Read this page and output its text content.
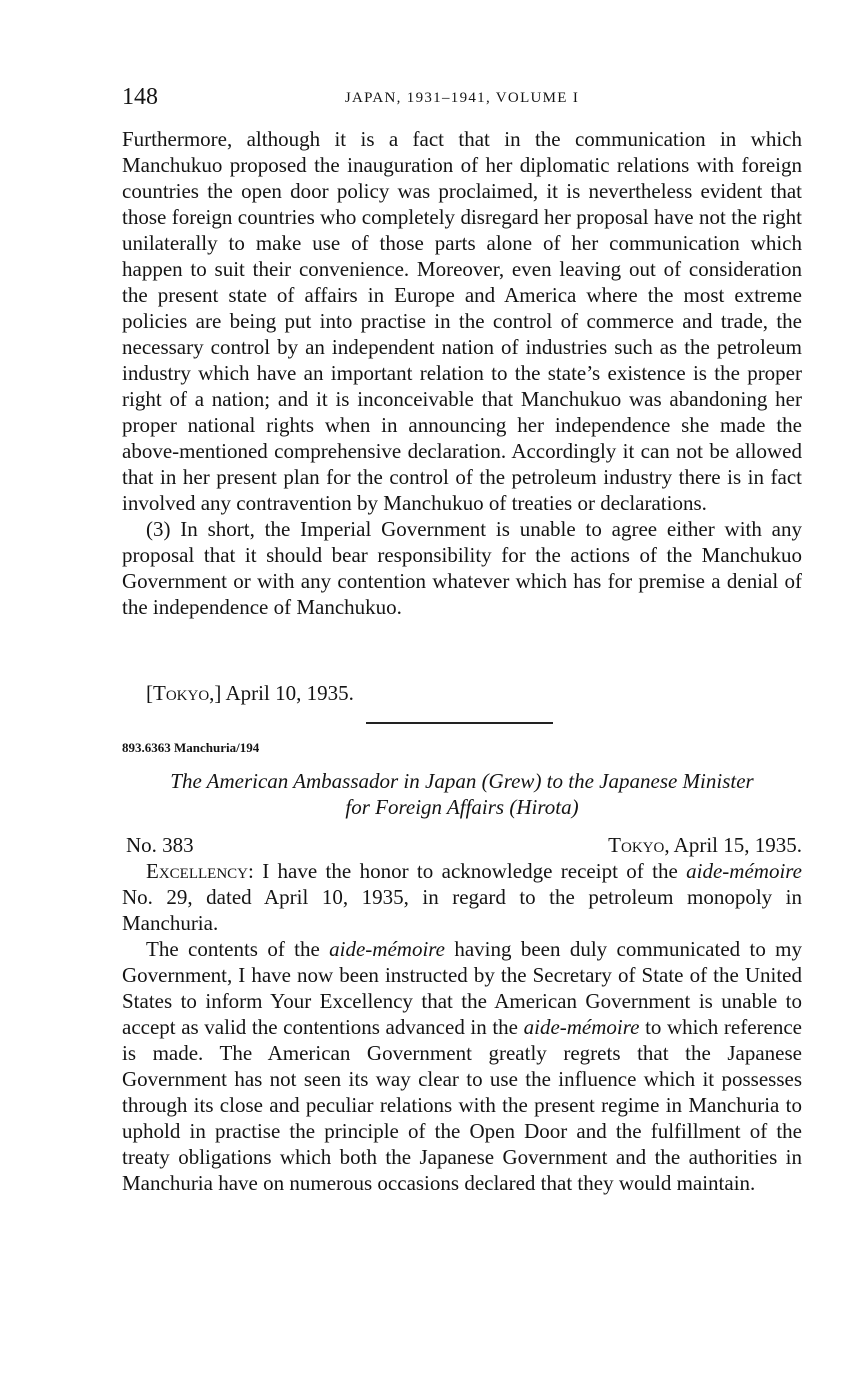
148	JAPAN, 1931–1941, VOLUME I

Furthermore, although it is a fact that in the communication in which Manchukuo proposed the inauguration of her diplomatic relations with foreign countries the open door policy was proclaimed, it is nevertheless evident that those foreign countries who completely disregard her proposal have not the right unilaterally to make use of those parts alone of her communication which happen to suit their convenience. Moreover, even leaving out of consideration the present state of affairs in Europe and America where the most extreme policies are being put into practise in the control of commerce and trade, the necessary control by an independent nation of industries such as the petroleum industry which have an important relation to the state’s existence is the proper right of a nation; and it is inconceivable that Manchukuo was abandoning her proper national rights when in announcing her independence she made the above-mentioned comprehensive declaration. Accordingly it can not be allowed that in her present plan for the control of the petroleum industry there is in fact involved any contravention by Manchukuo of treaties or declarations.

(3) In short, the Imperial Government is unable to agree either with any proposal that it should bear responsibility for the actions of the Manchukuo Government or with any contention whatever which has for premise a denial of the independence of Manchukuo.

[Tokyo,] April 10, 1935.
893.6363 Manchuria/194
The American Ambassador in Japan (Grew) to the Japanese Minister
for Foreign Affairs (Hirota)
No. 383	Tokyo, April 15, 1935.

Excellency: I have the honor to acknowledge receipt of the aide-mémoire No. 29, dated April 10, 1935, in regard to the petroleum monopoly in Manchuria.

The contents of the aide-mémoire having been duly communicated to my Government, I have now been instructed by the Secretary of State of the United States to inform Your Excellency that the American Government is unable to accept as valid the contentions advanced in the aide-mémoire to which reference is made. The American Government greatly regrets that the Japanese Government has not seen its way clear to use the influence which it possesses through its close and peculiar relations with the present regime in Manchuria to uphold in practise the principle of the Open Door and the fulfillment of the treaty obligations which both the Japanese Government and the authorities in Manchuria have on numerous occasions declared that they would maintain.
